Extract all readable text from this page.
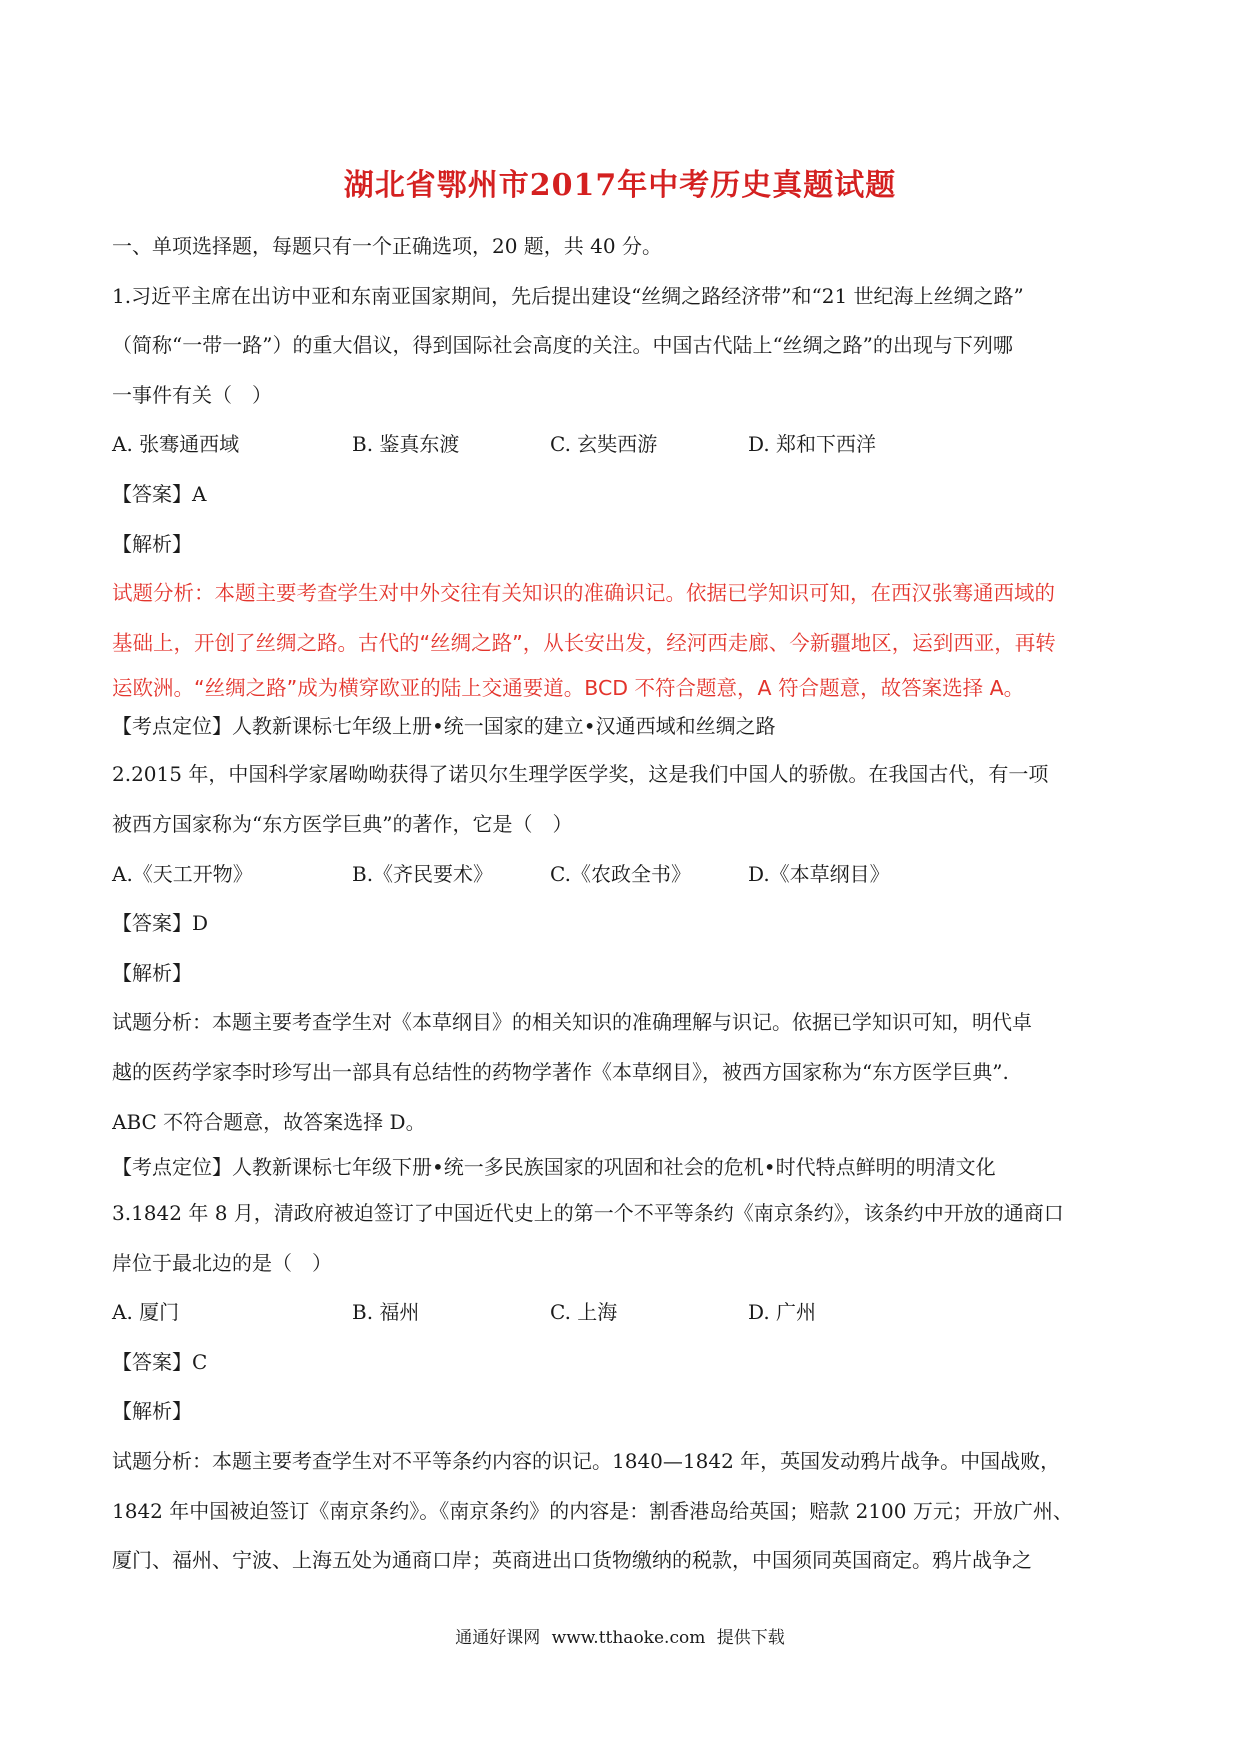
湖北省鄂州市2017年中考历史真题试题
一、单项选择题，每题只有一个正确选项，20 题，共 40 分。
1.习近平主席在出访中亚和东南亚国家期间，先后提出建设“丝绸之路经济带”和“21 世纪海上丝绸之路”
（简称“一带一路”）的重大倡议，得到国际社会高度的关注。中国古代陆上“丝绸之路”的出现与下列哪
一事件有关（　）
A. 张骞通西域	B. 鉴真东渡	C. 玄奘西游	D. 郑和下西洋
【答案】A
【解析】
试题分析：本题主要考查学生对中外交往有关知识的准确识记。依据已学知识可知，在西汉张骞通西域的
基础上，开创了丝绸之路。古代的“丝绸之路”，从长安出发，经河西走廊、今新疆地区，运到西亚，再转
运欧洲。“丝绸之路”成为横穿欧亚的陆上交通要道。BCD 不符合题意，A 符合题意，故答案选择 A。
【考点定位】人教新课标七年级上册•统一国家的建立•汉通西域和丝绸之路
2.2015 年，中国科学家屠呦呦获得了诺贝尔生理学医学奖，这是我们中国人的骄傲。在我国古代，有一项
被西方国家称为“东方医学巨典”的著作，它是（　）
A.《天工开物》	B.《齐民要术》	C.《农政全书》	D.《本草纲目》
【答案】D
【解析】
试题分析：本题主要考查学生对《本草纲目》的相关知识的准确理解与识记。依据已学知识可知，明代卓
越的医药学家李时珍写出一部具有总结性的药物学著作《本草纲目》，被西方国家称为“东方医学巨典”.
ABC 不符合题意，故答案选择 D。
【考点定位】人教新课标七年级下册•统一多民族国家的巩固和社会的危机•时代特点鲜明的明清文化
3.1842 年 8 月，清政府被迫签订了中国近代史上的第一个不平等条约《南京条约》，该条约中开放的通商口
岸位于最北边的是（　）
A. 厦门	B. 福州	C. 上海	D. 广州
【答案】C
【解析】
试题分析：本题主要考查学生对不平等条约内容的识记。1840—1842 年，英国发动鸦片战争。中国战败，
1842 年中国被迫签订《南京条约》。《南京条约》的内容是：割香港岛给英国；赔款 2100 万元；开放广州、
厦门、福州、宁波、上海五处为通商口岸；英商进出口货物缴纳的税款，中国须同英国商定。鸦片战争之
通通好课网 www.tthaoke.com 提供下载
